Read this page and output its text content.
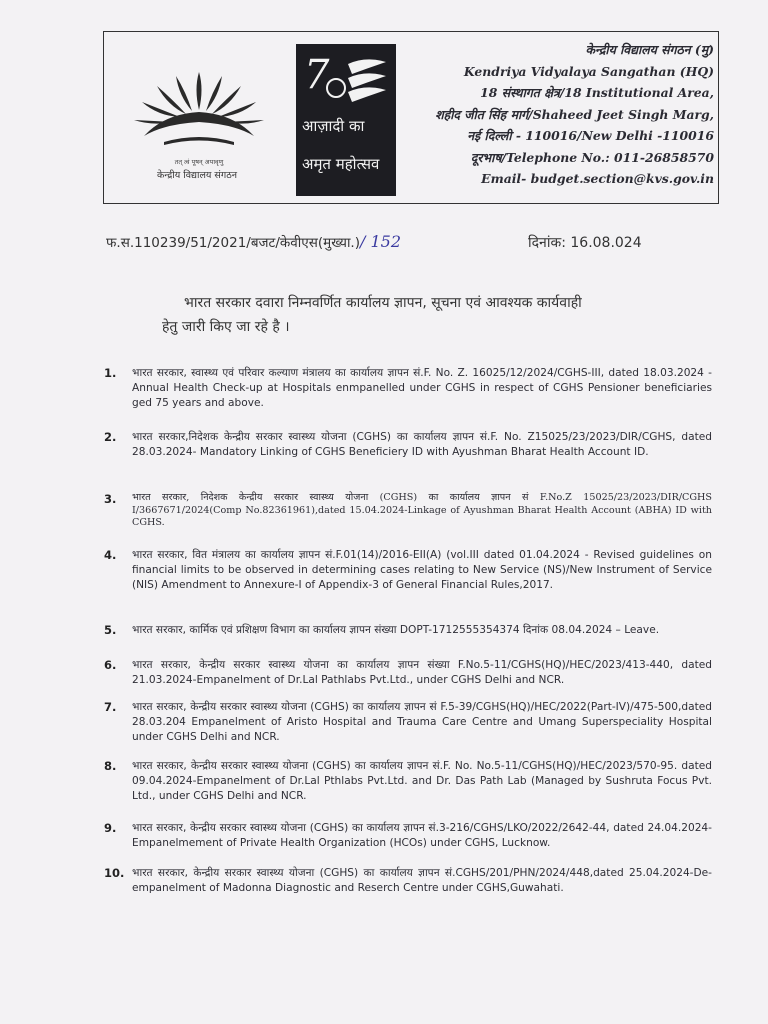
तत् त्वं पूषन् अपावृणु
केन्द्रीय विद्यालय संगठन
7
आज़ादी का
अमृत महोत्सव
केन्द्रीय विद्यालय संगठन (मु)
Kendriya Vidyalaya Sangathan (HQ)
18 संस्थागत क्षेत्र/18 Institutional Area,
शहीद जीत सिंह मार्ग/Shaheed Jeet Singh Marg,
नई दिल्ली - 110016/New Delhi -110016
दूरभाष/Telephone No.: 011-26858570
Email- budget.section@kvs.gov.in
फ.स.110239/51/2021/बजट/केवीएस(मुख्या.)/ 152	दिनांक: 16.08.024
भारत सरकार दवारा निम्नवर्णित कार्यालय ज्ञापन, सूचना एवं आवश्यक कार्यवाही
हेतु जारी किए जा रहे है ।
1.	भारत सरकार, स्वास्थ्य एवं परिवार कल्याण मंत्रालय का कार्यालय ज्ञापन सं.F. No. Z. 16025/12/2024/CGHS-III, dated 18.03.2024 - Annual Health Check-up at Hospitals enmpanelled under CGHS in respect of CGHS Pensioner beneficiaries ged 75 years and above.
2.	भारत सरकार,निदेशक केन्द्रीय सरकार स्वास्थ्य योजना (CGHS) का कार्यालय ज्ञापन सं.F. No. Z15025/23/2023/DIR/CGHS, dated 28.03.2024- Mandatory Linking of CGHS Beneficiery ID with Ayushman Bharat Health Account ID.
3.	भारत सरकार, निदेशक केन्द्रीय सरकार स्वास्थ्य योजना (CGHS) का कार्यालय ज्ञापन सं F.No.Z 15025/23/2023/DIR/CGHS I/3667671/2024(Comp No.82361961),dated 15.04.2024-Linkage of Ayushman Bharat Health Account (ABHA) ID with CGHS.
4.	भारत सरकार, वित मंत्रालय का कार्यालय ज्ञापन सं.F.01(14)/2016-EII(A) (vol.III dated 01.04.2024 - Revised guidelines on financial limits to be observed in determining cases relating to New Service (NS)/New Instrument of Service (NIS) Amendment to Annexure-I of Appendix-3 of General Financial Rules,2017.
5.	भारत सरकार, कार्मिक एवं प्रशिक्षण विभाग का कार्यालय ज्ञापन संख्या DOPT-1712555354374 दिनांक 08.04.2024 – Leave.
6.	भारत सरकार, केन्द्रीय सरकार स्वास्थ्य योजना का कार्यालय ज्ञापन संख्या F.No.5-11/CGHS(HQ)/HEC/2023/413-440, dated 21.03.2024-Empanelment of Dr.Lal Pathlabs Pvt.Ltd., under CGHS Delhi and NCR.
7.	भारत सरकार, केन्द्रीय सरकार स्वास्थ्य योजना (CGHS) का कार्यालय ज्ञापन सं F.5-39/CGHS(HQ)/HEC/2022(Part-IV)/475-500,dated 28.03.204 Empanelment of Aristo Hospital and Trauma Care Centre and Umang Superspeciality Hospital under CGHS Delhi and NCR.
8.	भारत सरकार, केन्द्रीय सरकार स्वास्थ्य योजना (CGHS) का कार्यालय ज्ञापन सं.F. No. No.5-11/CGHS(HQ)/HEC/2023/570-95. dated 09.04.2024-Empanelment of Dr.Lal Pthlabs Pvt.Ltd. and Dr. Das Path Lab (Managed by Sushruta Focus Pvt. Ltd., under CGHS Delhi and NCR.
9.	भारत सरकार, केन्द्रीय सरकार स्वास्थ्य योजना (CGHS) का कार्यालय ज्ञापन सं.3-216/CGHS/LKO/2022/2642-44, dated 24.04.2024- Empanelmement of Private Health Organization (HCOs) under CGHS, Lucknow.
10. भारत सरकार, केन्द्रीय सरकार स्वास्थ्य योजना (CGHS) का कार्यालय ज्ञापन सं.CGHS/201/PHN/2024/448,dated 25.04.2024-De-empanelment of Madonna Diagnostic and Reserch Centre under CGHS,Guwahati.
